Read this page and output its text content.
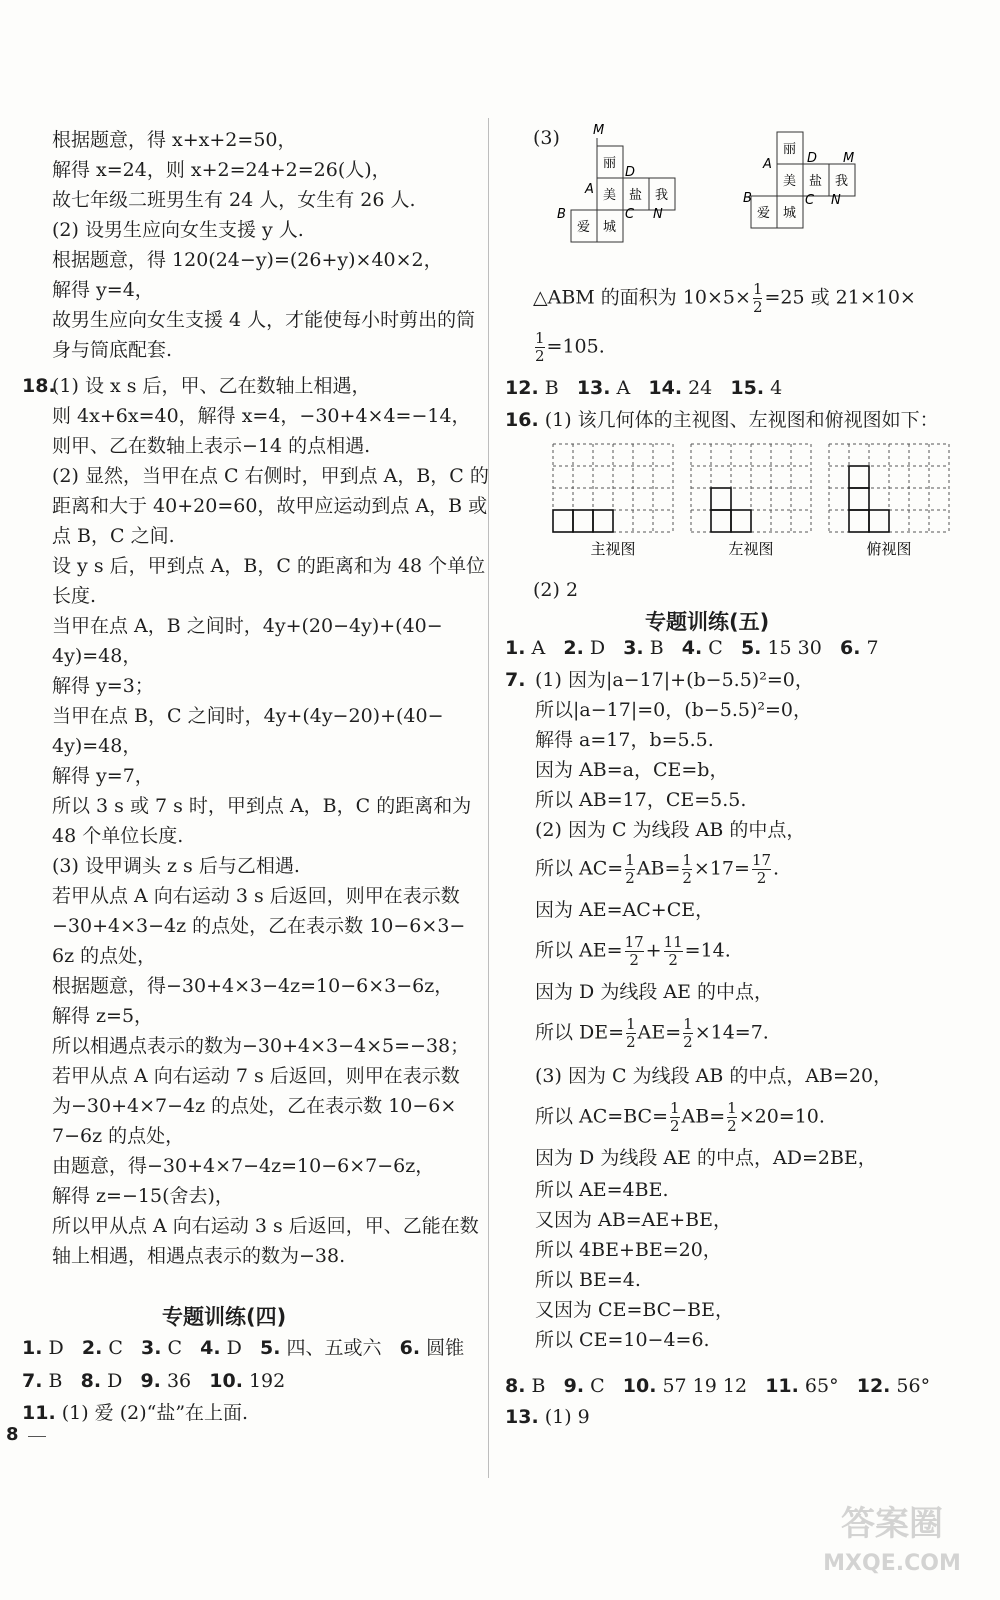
根据题意，得 x+x+2=50，
解得 x=24，则 x+2=24+2=26(人)，
故七年级二班男生有 24 人，女生有 26 人.
(2) 设男生应向女生支援 y 人.
根据题意，得 120(24−y)=(26+y)×40×2，
解得 y=4，
故男生应向女生支援 4 人，才能使每小时剪出的筒
身与筒底配套.
18.
(1) 设 x s 后，甲、乙在数轴上相遇，
则 4x+6x=40，解得 x=4，−30+4×4=−14，
则甲、乙在数轴上表示−14 的点相遇.
(2) 显然，当甲在点 C 右侧时，甲到点 A，B，C 的
距离和大于 40+20=60，故甲应运动到点 A，B 或
点 B，C 之间.
设 y s 后，甲到点 A，B，C 的距离和为 48 个单位
长度.
当甲在点 A，B 之间时，4y+(20−4y)+(40−
4y)=48，
解得 y=3；
当甲在点 B，C 之间时，4y+(4y−20)+(40−
4y)=48，
解得 y=7，
所以 3 s 或 7 s 时，甲到点 A，B，C 的距离和为
48 个单位长度.
(3) 设甲调头 z s 后与乙相遇.
若甲从点 A 向右运动 3 s 后返回，则甲在表示数
−30+4×3−4z 的点处，乙在表示数 10−6×3−
6z 的点处，
根据题意，得−30+4×3−4z=10−6×3−6z，
解得 z=5，
所以相遇点表示的数为−30+4×3−4×5=−38；
若甲从点 A 向右运动 7 s 后返回，则甲在表示数
为−30+4×7−4z 的点处，乙在表示数 10−6×
7−6z 的点处，
由题意，得−30+4×7−4z=10−6×7−6z，
解得 z=−15(舍去)，
所以甲从点 A 向右运动 3 s 后返回，甲、乙能在数
轴上相遇，相遇点表示的数为−38.
专题训练(四)
1. D 2. C 3. C 4. D 5. 四、五或六 6. 圆锥
7. B 8. D 9. 36 10. 192
11. (1) 爱 (2)“盐”在上面.
(3)	M
丽
A
D
美 盐 我
C N
B
爱 城
丽
A	D M
美 盐 我
C N
B
爱 城
△ABM 的面积为 $10\times 5\times \frac{1}{2} =25$ 或 21×10×
$\frac{1}{2} =105$.
12. B 13. A 14. 24 15. 4
16. (1) 该几何体的主视图、左视图和俯视图如下：
主视图	左视图	俯视图
(2) 2
专题训练(五)
1. A 2. D 3. B 4. C 5. 15 30 6. 7
7. (1) 因为|a−17|+(b−5.5)²=0，
所以|a−17|=0，(b−5.5)²=0，
解得 a=17，b=5.5.
因为 AB=a，CE=b，
所以 AB=17，CE=5.5.
(2) 因为 C 为线段 AB 的中点，
所以 $AC= \frac{1}{2} AB= \frac{1}{2} \times 17= \frac{17}{2}$ .
因为 AE=AC+CE，
所以 $AE= \frac{17}{2} + \frac{11}{2} =14$.
因为 D 为线段 AE 的中点，
所以 $DE= \frac{1}{2} AE= \frac{1}{2} \times 14=7$.
(3) 因为 C 为线段 AB 的中点，AB=20，
所以 $AC=BC= \frac{1}{2} AB= \frac{1}{2} \times 20=10$.
因为 D 为线段 AE 的中点，AD=2BE，
所以 AE=4BE.
又因为 AB=AE+BE，
所以 4BE+BE=20，
所以 BE=4.
又因为 CE=BC−BE，
所以 CE=10−4=6.
8. B 9. C 10. 57 19 12 11. 65° 12. 56°
13. (1) 9
8
答案圈
MXQE.COM
